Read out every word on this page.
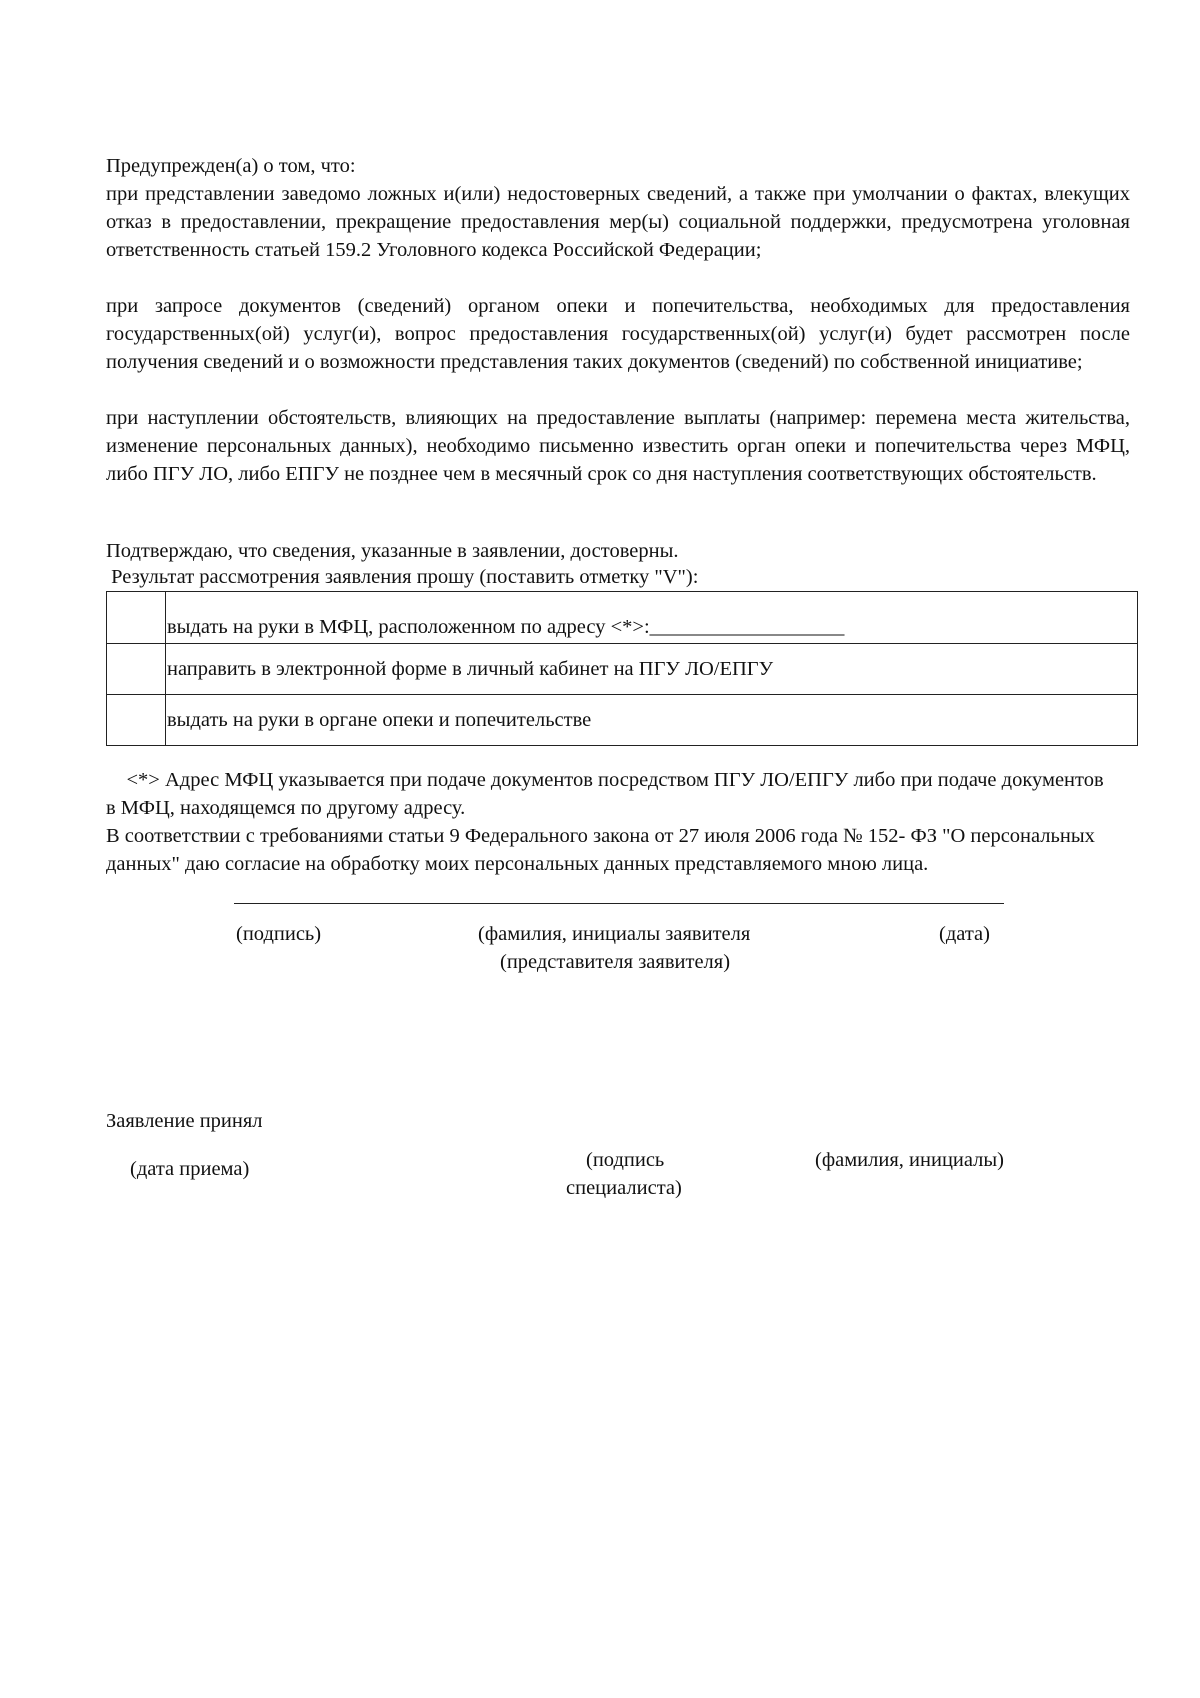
Предупрежден(а) о том, что:
при представлении заведомо ложных и(или) недостоверных сведений, а также при умолчании о фактах, влекущих отказ в предоставлении, прекращение предоставления мер(ы) социальной поддержки, предусмотрена уголовная ответственность статьей 159.2 Уголовного кодекса Российской Федерации;
при запросе документов (сведений) органом опеки и попечительства, необходимых для предоставления государственных(ой) услуг(и), вопрос предоставления государственных(ой) услуг(и) будет рассмотрен после получения сведений и о возможности представления таких документов (сведений) по собственной инициативе;
при наступлении обстоятельств, влияющих на предоставление выплаты (например: перемена места жительства, изменение персональных данных), необходимо письменно известить орган опеки и попечительства через МФЦ, либо ПГУ ЛО, либо ЕПГУ не позднее чем в месячный срок со дня наступления соответствующих обстоятельств.
Подтверждаю, что сведения, указанные в заявлении, достоверны.
Результат рассмотрения заявления прошу (поставить отметку "V"):
	выдать на руки в МФЦ, расположенном по адресу <*>:___________________
	направить в электронной форме в личный кабинет на ПГУ ЛО/ЕПГУ
	выдать на руки в органе опеки и попечительстве
<*> Адрес МФЦ указывается при подаче документов посредством ПГУ ЛО/ЕПГУ либо при подаче документов в МФЦ, находящемся по другому адресу.
В соответствии с требованиями статьи 9 Федерального закона от 27 июля 2006 года № 152- ФЗ "О персональных данных" даю согласие на обработку моих персональных данных представляемого мною лица.
(подпись)	(фамилия, инициалы заявителя
(представителя заявителя)
(дата)
Заявление принял
(дата приема)	(подпись
специалиста)
(фамилия, инициалы)
